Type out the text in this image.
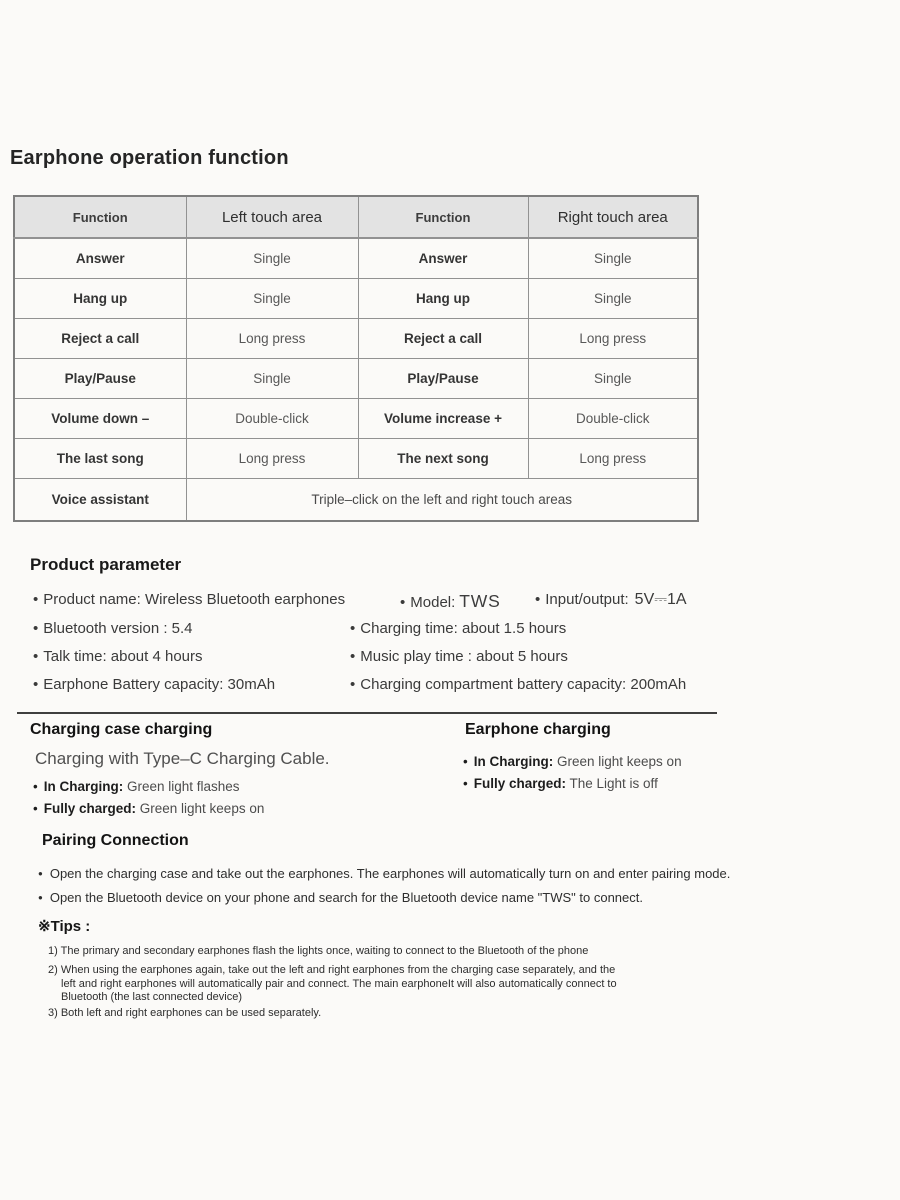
Earphone operation function
Function	Left touch area	Function	Right touch area
Answer	Single	Answer	Single
Hang up	Single	Hang up	Single
Reject a call	Long press	Reject a call	Long press
Play/Pause	Single	Play/Pause	Single
Volume down –	Double-click	Volume increase +	Double-click
The last song	Long press	The next song	Long press
Voice assistant	Triple–click on the left and right touch areas		
Product parameter
• Product name: Wireless Bluetooth earphones	• Model: TWS	• Input/output: 5V⎓1A
• Bluetooth version : 5.4	• Charging time: about 1.5 hours
• Talk time: about 4 hours	• Music play time : about 5 hours
• Earphone Battery capacity: 30mAh	• Charging compartment battery capacity: 200mAh
Charging case charging
Charging with Type–C Charging Cable.
• In Charging: Green light flashes
• Fully charged: Green light keeps on
Earphone charging
• In Charging: Green light keeps on
• Fully charged: The Light is off
Pairing Connection
● Open the charging case and take out the earphones. The earphones will automatically turn on and enter pairing mode.
● Open the Bluetooth device on your phone and search for the Bluetooth device name "TWS" to connect.
※Tips :
1) The primary and secondary earphones flash the lights once, waiting to connect to the Bluetooth of the phone
2) When using the earphones again, take out the left and right earphones from the charging case separately, and the left and right earphones will automatically pair and connect. The main earphoneIt will also automatically connect to Bluetooth (the last connected device)
3) Both left and right earphones can be used separately.
